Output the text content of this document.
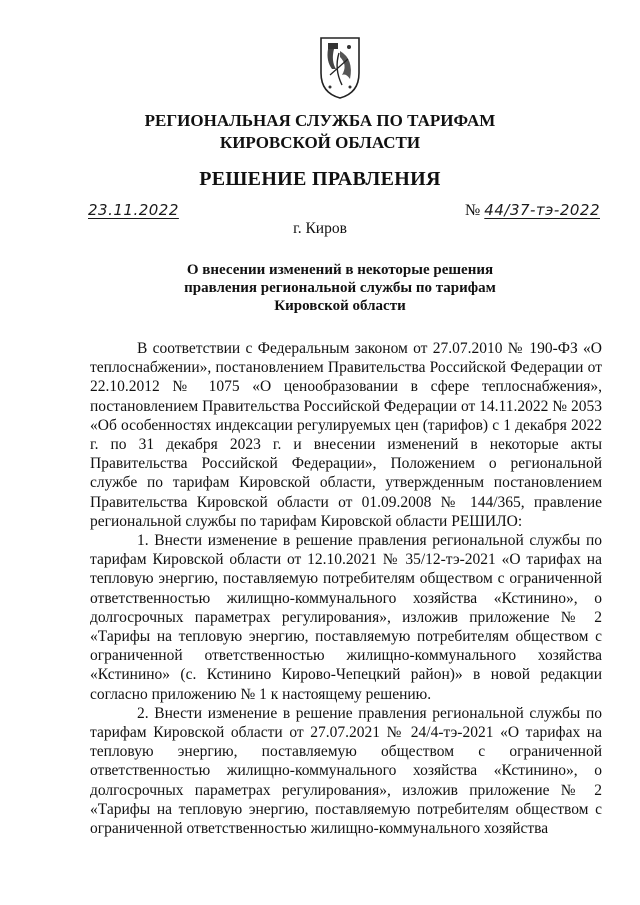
РЕГИОНАЛЬНАЯ СЛУЖБА ПО ТАРИФАМ
КИРОВСКОЙ ОБЛАСТИ
РЕШЕНИЕ ПРАВЛЕНИЯ
23.11.2022	№ 44/37-тэ-2022
г. Киров
О внесении изменений в некоторые решения
правления региональной службы по тарифам
Кировской области

В соответствии с Федеральным законом от 27.07.2010 № 190-ФЗ «О теплоснабжении», постановлением Правительства Российской Федерации от 22.10.2012 № 1075 «О ценообразовании в сфере теплоснабжения», постановлением Правительства Российской Федерации от 14.11.2022 № 2053 «Об особенностях индексации регулируемых цен (тарифов) с 1 декабря 2022 г. по 31 декабря 2023 г. и внесении изменений в некоторые акты Правительства Российской Федерации», Положением о региональной службе по тарифам Кировской области, утвержденным постановлением Правительства Кировской области от 01.09.2008 № 144/365, правление региональной службы по тарифам Кировской области РЕШИЛО:

1. Внести изменение в решение правления региональной службы по тарифам Кировской области от 12.10.2021 № 35/12-тэ-2021 «О тарифах на тепловую энергию, поставляемую потребителям обществом с ограниченной ответственностью жилищно-коммунального хозяйства «Кстинино», о долгосрочных параметрах регулирования», изложив приложение № 2 «Тарифы на тепловую энергию, поставляемую потребителям обществом с ограниченной ответственностью жилищно-коммунального хозяйства «Кстинино» (с. Кстинино Кирово-Чепецкий район)» в новой редакции согласно приложению № 1 к настоящему решению.

2. Внести изменение в решение правления региональной службы по тарифам Кировской области от 27.07.2021 № 24/4-тэ-2021 «О тарифах на тепловую энергию, поставляемую обществом с ограниченной ответственностью жилищно-коммунального хозяйства «Кстинино», о долгосрочных параметрах регулирования», изложив приложение № 2 «Тарифы на тепловую энергию, поставляемую потребителям обществом с ограниченной ответственностью жилищно-коммунального хозяйства
